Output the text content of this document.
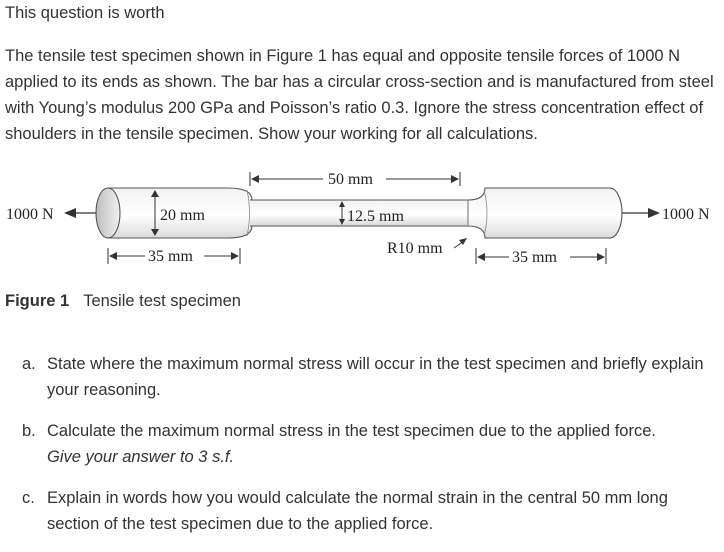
This question is worth
The tensile test specimen shown in Figure 1 has equal and opposite tensile forces of 1000 N applied to its ends as shown. The bar has a circular cross-section and is manufactured from steel with Young’s modulus 200 GPa and Poisson’s ratio 0.3. Ignore the stress concentration effect of shoulders in the tensile specimen. Show your working for all calculations.
1000 N	20 mm	12.5 mm
50 mm
35 mm	R10 mm
35 mm
1000 N
Figure 1 Tensile test specimen
a. State where the maximum normal stress will occur in the test specimen and briefly explain your reasoning.
b. Calculate the maximum normal stress in the test specimen due to the applied force.
Give your answer to 3 s.f.
c. Explain in words how you would calculate the normal strain in the central 50 mm long section of the test specimen due to the applied force.
